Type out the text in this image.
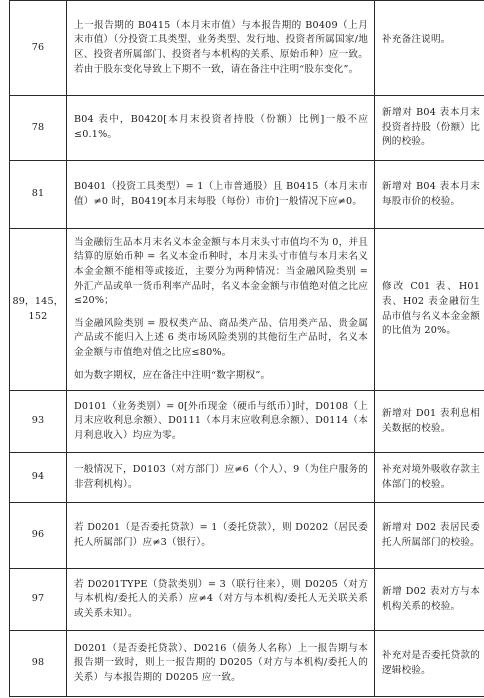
76	上一报告期的 B0415（本月末市值）与本报告期的 B0409（上月末市值）（分投资工具类型、业务类型、发行地、投资者所属国家/地区、投资者所属部门、投资者与本机构的关系、原始币种）应一致。若由于股东变化导致上下期不一致，请在备注中注明“股东变化”。	补充备注说明。
78	B04 表中，B0420[本月末投资者持股（份额）比例]一般不应≤0.1%。	新增对 B04 表本月末投资者持股（份额）比例的校验。
81	B0401（投资工具类型）= 1（上市普通股）且 B0415（本月末市值）≠0 时，B0419[本月末每股（每份）市价]一般情况下应≠0。	新增对 B04 表本月末每股市价的校验。
89，145，152	当金融衍生品本月末名义本金金额与本月末头寸市值均不为 0，并且结算的原始币种 = 名义本金币种时，本月末头寸市值与本月末名义本金金额不能相等或接近，主要分为两种情况：当金融风险类别 = 外汇产品或单一货币利率产品时，名义本金金额与市值绝对值之比应≤20%；

当金融风险类别 = 股权类产品、商品类产品、信用类产品、贵金属产品或不能归入上述 6 类市场风险类别的其他衍生产品时，名义本金金额与市值绝对值之比应≤80%。

如为数字期权，应在备注中注明“数字期权”。	修改 C01 表、H01 表、H02 表金融衍生品市值与名义本金金额的比值为 20%。
93	D0101（业务类别）= 0[外币现金（硬币与纸币）]时，D0108（上月末应收利息余额）、D0111（本月末应收利息余额）、D0114（本月利息收入）均应为零。	新增对 D01 表利息相关数据的校验。
94	一般情况下，D0103（对方部门）应≠6（个人）、9（为住户服务的非营利机构）。	补充对境外吸收存款主体部门的校验。
96	若 D0201（是否委托贷款）= 1（委托贷款），则 D0202（居民委托人所属部门）应≠3（银行）。	新增对 D02 表居民委托人所属部门的校验。
97	若 D0201TYPE（贷款类别）= 3（联行往来），则 D0205（对方与本机构/委托人的关系）应≠4（对方与本机构/委托人无关联关系或关系未知）。	新增 D02 表对方与本机构关系的校验。
98	D0201（是否委托贷款）、D0216（债务人名称）上一报告期与本报告期一致时，则上一报告期的 D0205（对方与本机构/委托人的关系）与本报告期的 D0205 应一致。	补充对是否委托贷款的逻辑校验。
